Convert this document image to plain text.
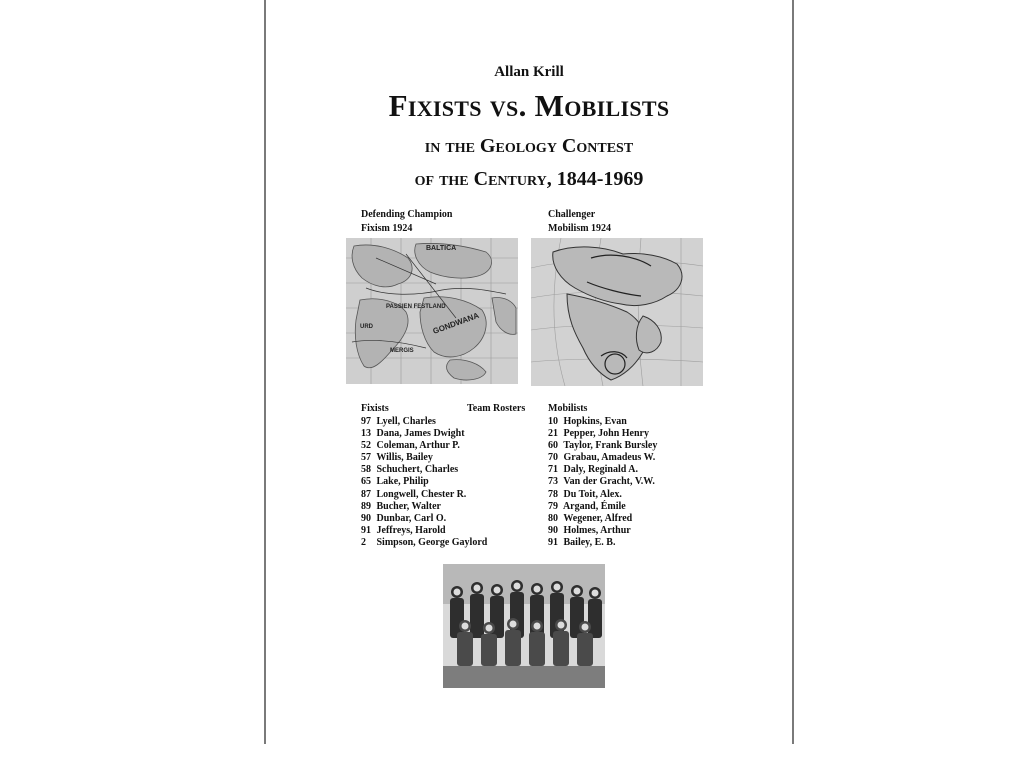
Allan Krill
Fixists vs. Mobilists
in the Geology Contest
of the Century, 1844-1969
Defending Champion
Fixism 1924
Challenger
Mobilism 1924
BALTICA
GONDWANA
PASSIEN FESTLAND
MERGIS
URD
Fixists	Team Rosters Mobilists
97 Lyell, Charles
13 Dana, James Dwight
52 Coleman, Arthur P.
57 Willis, Bailey
58 Schuchert, Charles
65 Lake, Philip
87 Longwell, Chester R.
89 Bucher, Walter
90 Dunbar, Carl O.
91 Jeffreys, Harold
2 Simpson, George Gaylord
10 Hopkins, Evan
21 Pepper, John Henry
60 Taylor, Frank Bursley
70 Grabau, Amadeus W.
71 Daly, Reginald A.
73 Van der Gracht, V.W.
78 Du Toit, Alex.
79 Argand, Émile
80 Wegener, Alfred
90 Holmes, Arthur
91 Bailey, E. B.
